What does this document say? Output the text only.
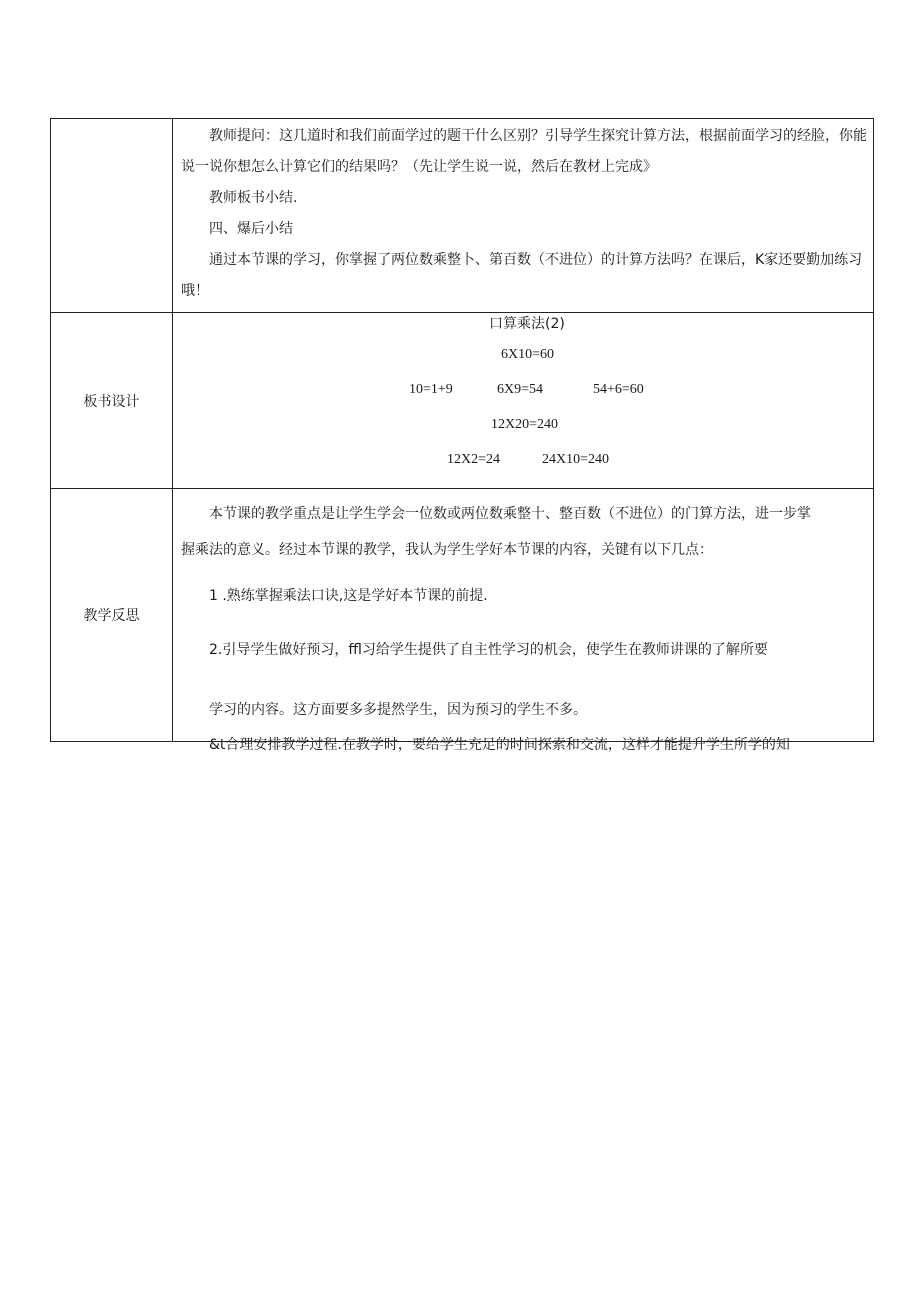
教师提问：这几道时和我们前面学过的题干什么区别？引导学生探究计算方法，根据前面学习的经脸，你能说一说你想怎么计算它们的结果吗？（先让学生说一说，然后在教材上完成》

教师板书小结.

四、爆后小结

通过本节课的学习，你掌握了两位数乘整卜、第百数（不进位）的计算方法吗？在课后，K家还要勤加练习哦！

板书设计
口算乘法(2)
6X10=60
10=1+9	6X9=54	54+6=60
12X20=240
12X2=24	24X10=240
教学反思
本节课的教学重点是让学生学会一位数或两位数乘整十、整百数（不进位）的门算方法，进一步掌
握乘法的意义。经过本节课的教学，我认为学生学好本节课的内容，关键有以下几点：
1 .熟练掌握乘法口诀,这是学好本节课的前提.
2.引导学生做好预习，ffl习给学生提供了自主性学习的机会，使学生在教师讲课的了解所要
学习的内容。这方面要多多提然学生，因为预习的学生不多。
&t合理安排教学过程.在教学时，要给学生充足的时间探索和交流，这样才能提升学生所学的知
